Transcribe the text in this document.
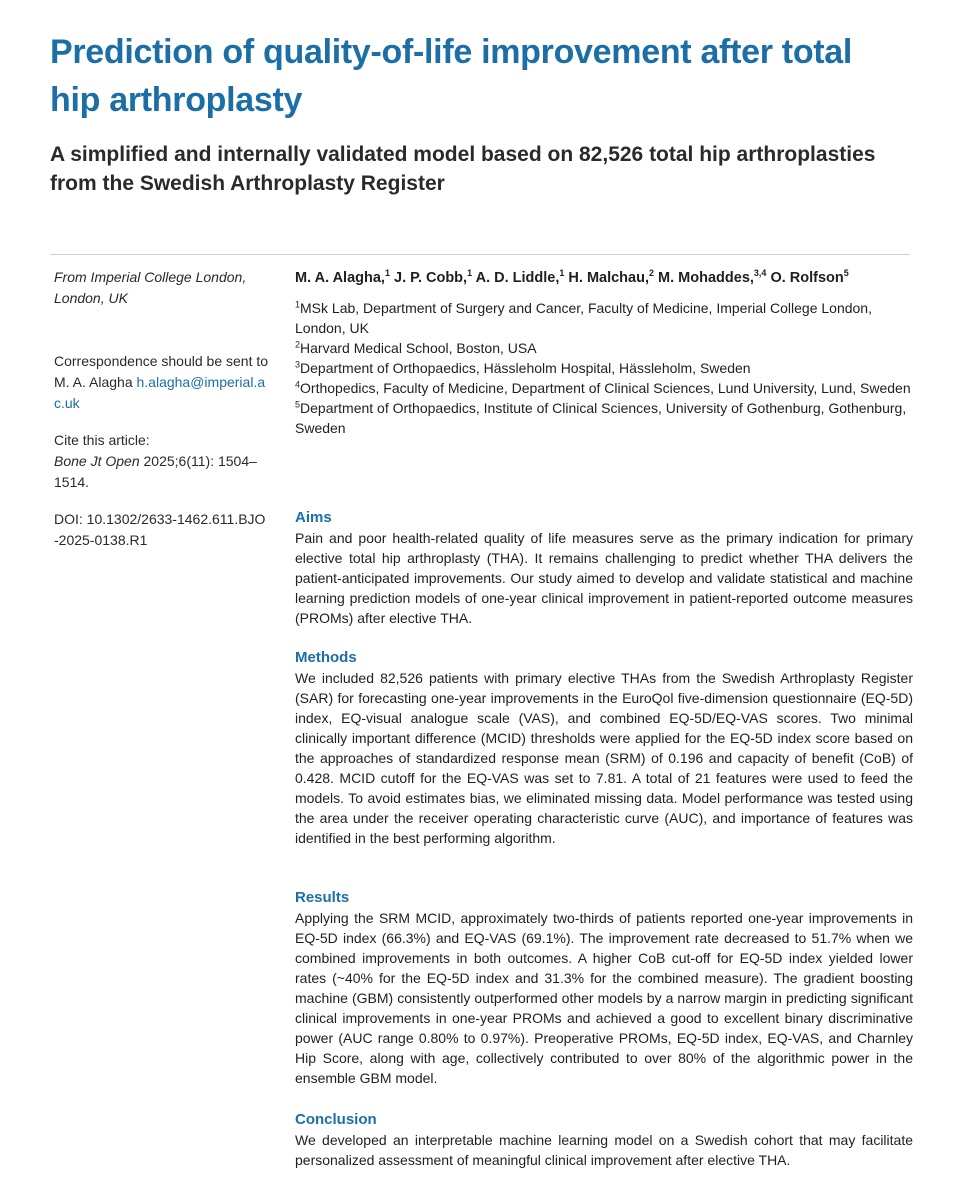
Prediction of quality-of-life improvement after total hip arthroplasty
A simplified and internally validated model based on 82,526 total hip arthroplasties from the Swedish Arthroplasty Register

From Imperial College London, London, UK

Correspondence should be sent to M. A. Alagha h.alagha@imperial.ac.uk

Cite this article:
Bone Jt Open 2025;6(11): 1504–1514.

DOI: 10.1302/2633-1462.611.BJO-2025-0138.R1

M. A. Alagha,$^1$ J. P. Cobb,$^1$ A. D. Liddle,$^1$ H. Malchau,$^2$ M. Mohaddes,$^{3,4}$ O. Rolfson$^5$

$^1$MSk Lab, Department of Surgery and Cancer, Faculty of Medicine, Imperial College London, London, UK

$^2$Harvard Medical School, Boston, USA

$^3$Department of Orthopaedics, Hässleholm Hospital, Hässleholm, Sweden

$^4$Orthopedics, Faculty of Medicine, Department of Clinical Sciences, Lund University, Lund, Sweden

$^5$Department of Orthopaedics, Institute of Clinical Sciences, University of Gothenburg, Gothenburg, Sweden

Aims

Pain and poor health-related quality of life measures serve as the primary indication for primary elective total hip arthroplasty (THA). It remains challenging to predict whether THA delivers the patient-anticipated improvements. Our study aimed to develop and validate statistical and machine learning prediction models of one-year clinical improvement in patient-reported outcome measures (PROMs) after elective THA.

Methods

We included 82,526 patients with primary elective THAs from the Swedish Arthroplasty Register (SAR) for forecasting one-year improvements in the EuroQol five-dimension questionnaire (EQ-5D) index, EQ-visual analogue scale (VAS), and combined EQ-5D/EQ-VAS scores. Two minimal clinically important difference (MCID) thresholds were applied for the EQ-5D index score based on the approaches of standardized response mean (SRM) of 0.196 and capacity of benefit (CoB) of 0.428. MCID cutoff for the EQ-VAS was set to 7.81. A total of 21 features were used to feed the models. To avoid estimates bias, we eliminated missing data. Model performance was tested using the area under the receiver operating characteristic curve (AUC), and importance of features was identified in the best performing algorithm.

Results

Applying the SRM MCID, approximately two-thirds of patients reported one-year improvements in EQ-5D index (66.3%) and EQ-VAS (69.1%). The improvement rate decreased to 51.7% when we combined improvements in both outcomes. A higher CoB cut-off for EQ-5D index yielded lower rates (~40% for the EQ-5D index and 31.3% for the combined measure). The gradient boosting machine (GBM) consistently outperformed other models by a narrow margin in predicting significant clinical improvements in one-year PROMs and achieved a good to excellent binary discriminative power (AUC range 0.80% to 0.97%). Preoperative PROMs, EQ-5D index, EQ-VAS, and Charnley Hip Score, along with age, collectively contributed to over 80% of the algorithmic power in the ensemble GBM model.

Conclusion

We developed an interpretable machine learning model on a Swedish cohort that may facilitate personalized assessment of meaningful clinical improvement after elective THA.
